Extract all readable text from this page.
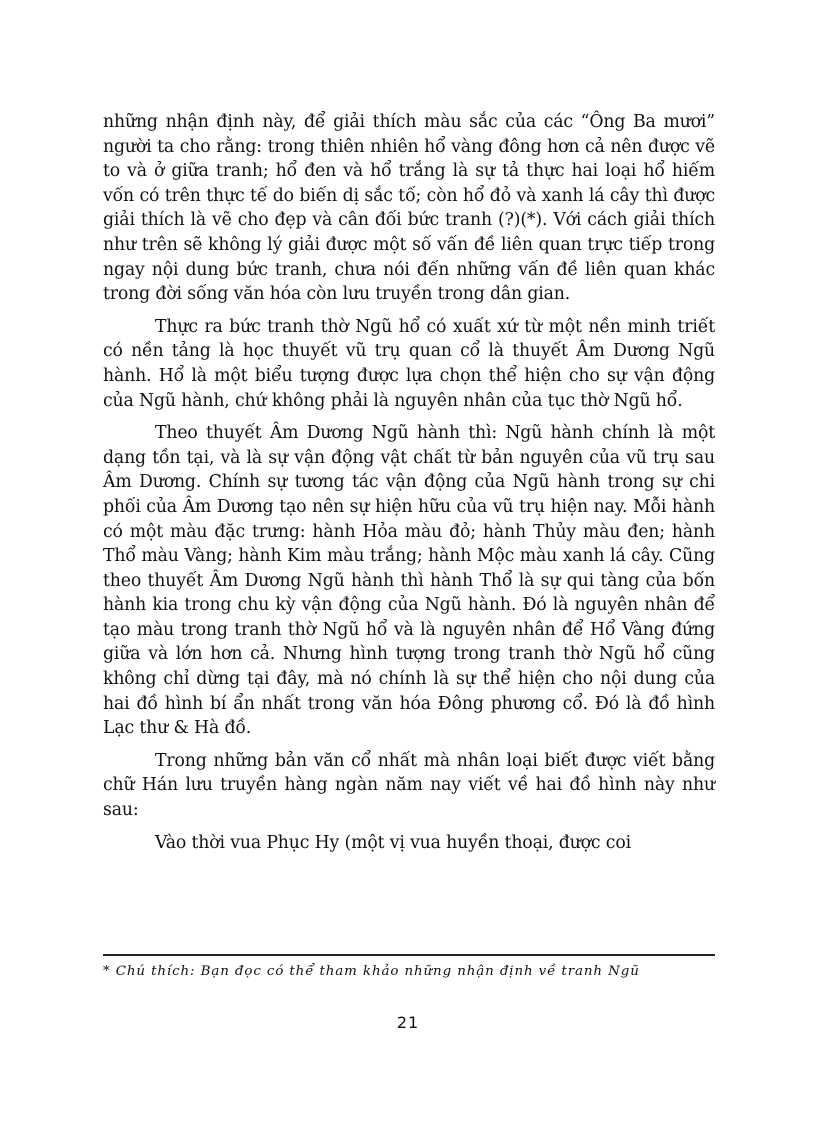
những nhận định này, để giải thích màu sắc của các “Ông Ba mươi” người ta cho rằng: trong thiên nhiên hổ vàng đông hơn cả nên được vẽ to và ở giữa tranh; hổ đen và hổ trắng là sự tả thực hai loại hổ hiếm vốn có trên thực tế do biến dị sắc tố; còn hổ đỏ và xanh lá cây thì được giải thích là vẽ cho đẹp và cân đối bức tranh (?)(*). Với cách giải thích như trên sẽ không lý giải được một số vấn đề liên quan trực tiếp trong ngay nội dung bức tranh, chưa nói đến những vấn đề liên quan khác trong đời sống văn hóa còn lưu truyền trong dân gian.

Thực ra bức tranh thờ Ngũ hổ có xuất xứ từ một nền minh triết có nền tảng là học thuyết vũ trụ quan cổ là thuyết Âm Dương Ngũ hành. Hổ là một biểu tượng được lựa chọn thể hiện cho sự vận động của Ngũ hành, chứ không phải là nguyên nhân của tục thờ Ngũ hổ.

Theo thuyết Âm Dương Ngũ hành thì: Ngũ hành chính là một dạng tồn tại, và là sự vận động vật chất từ bản nguyên của vũ trụ sau Âm Dương. Chính sự tương tác vận động của Ngũ hành trong sự chi phối của Âm Dương tạo nên sự hiện hữu của vũ trụ hiện nay. Mỗi hành có một màu đặc trưng: hành Hỏa màu đỏ; hành Thủy màu đen; hành Thổ màu Vàng; hành Kim màu trắng; hành Mộc màu xanh lá cây. Cũng theo thuyết Âm Dương Ngũ hành thì hành Thổ là sự qui tàng của bốn hành kia trong chu kỳ vận động của Ngũ hành. Đó là nguyên nhân để tạo màu trong tranh thờ Ngũ hổ và là nguyên nhân để Hổ Vàng đứng giữa và lớn hơn cả. Nhưng hình tượng trong tranh thờ Ngũ hổ cũng không chỉ dừng tại đây, mà nó chính là sự thể hiện cho nội dung của hai đồ hình bí ẩn nhất trong văn hóa Đông phương cổ. Đó là đồ hình Lạc thư & Hà đồ.

Trong những bản văn cổ nhất mà nhân loại biết được viết bằng chữ Hán lưu truyền hàng ngàn năm nay viết về hai đồ hình này như sau:

Vào thời vua Phục Hy (một vị vua huyền thoại, được coi

* Chú thích: Bạn đọc có thể tham khảo những nhận định về tranh Ngũ

21
